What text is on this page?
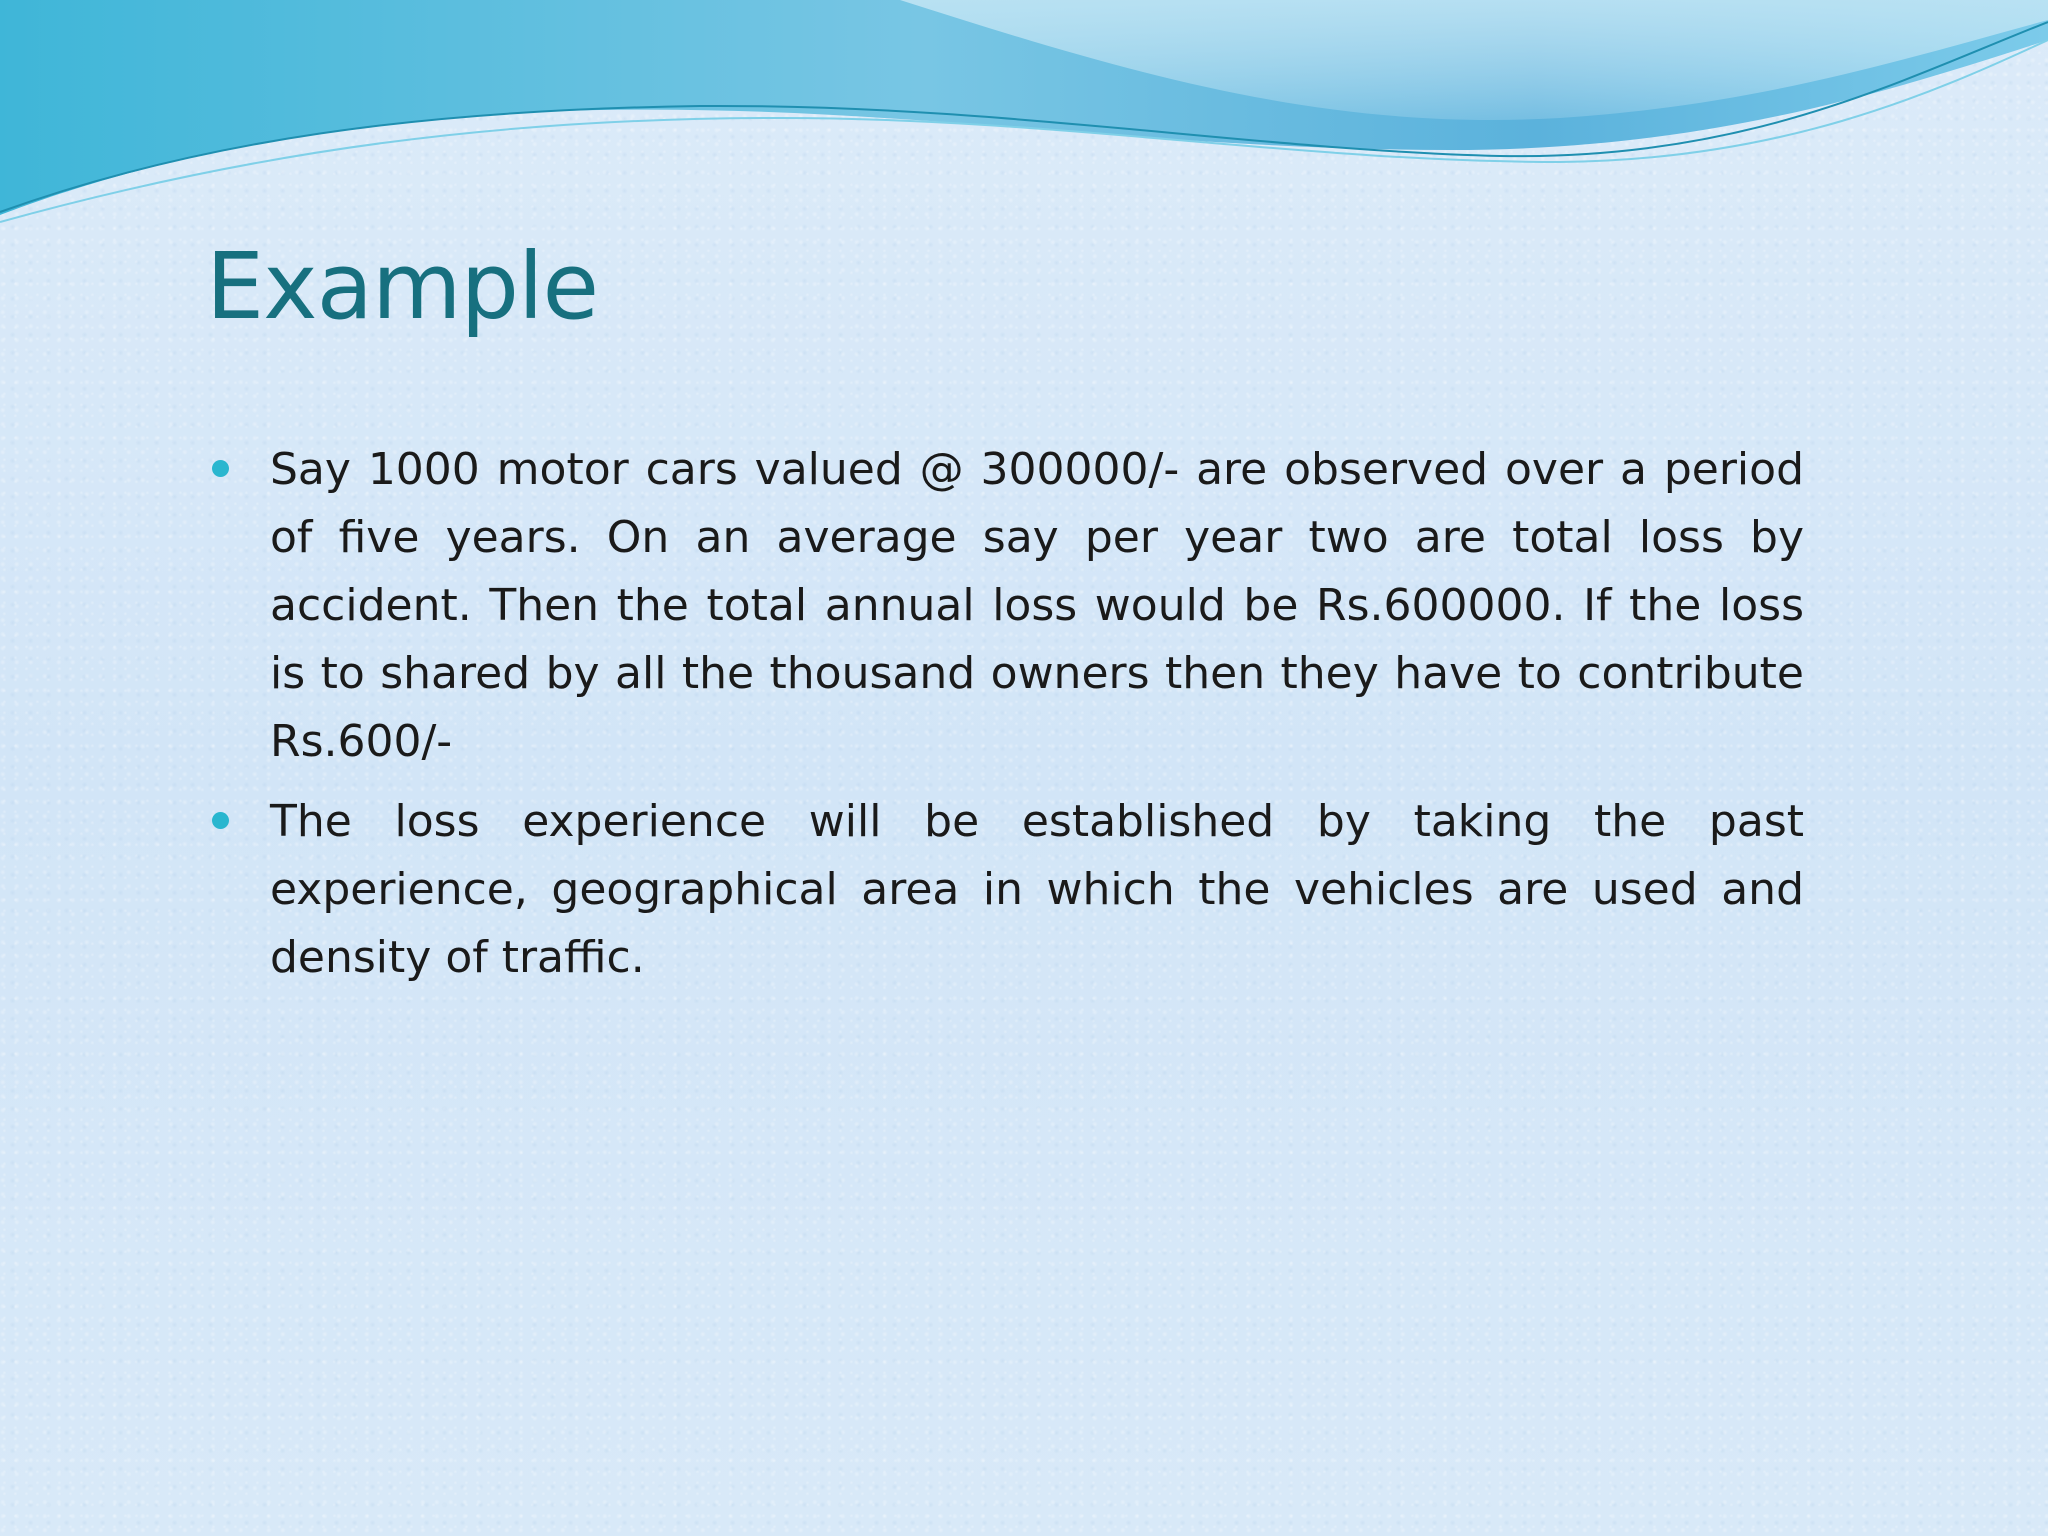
Example
Say 1000 motor cars valued @ 300000/- are observed over a period of five years. On an average say per year two are total loss by accident. Then the total annual loss would be Rs.600000. If the loss is to shared by all the thousand owners then they have to contribute Rs.600/-
The loss experience will be established by taking the past experience, geographical area in which the vehicles are used and density of traffic.
